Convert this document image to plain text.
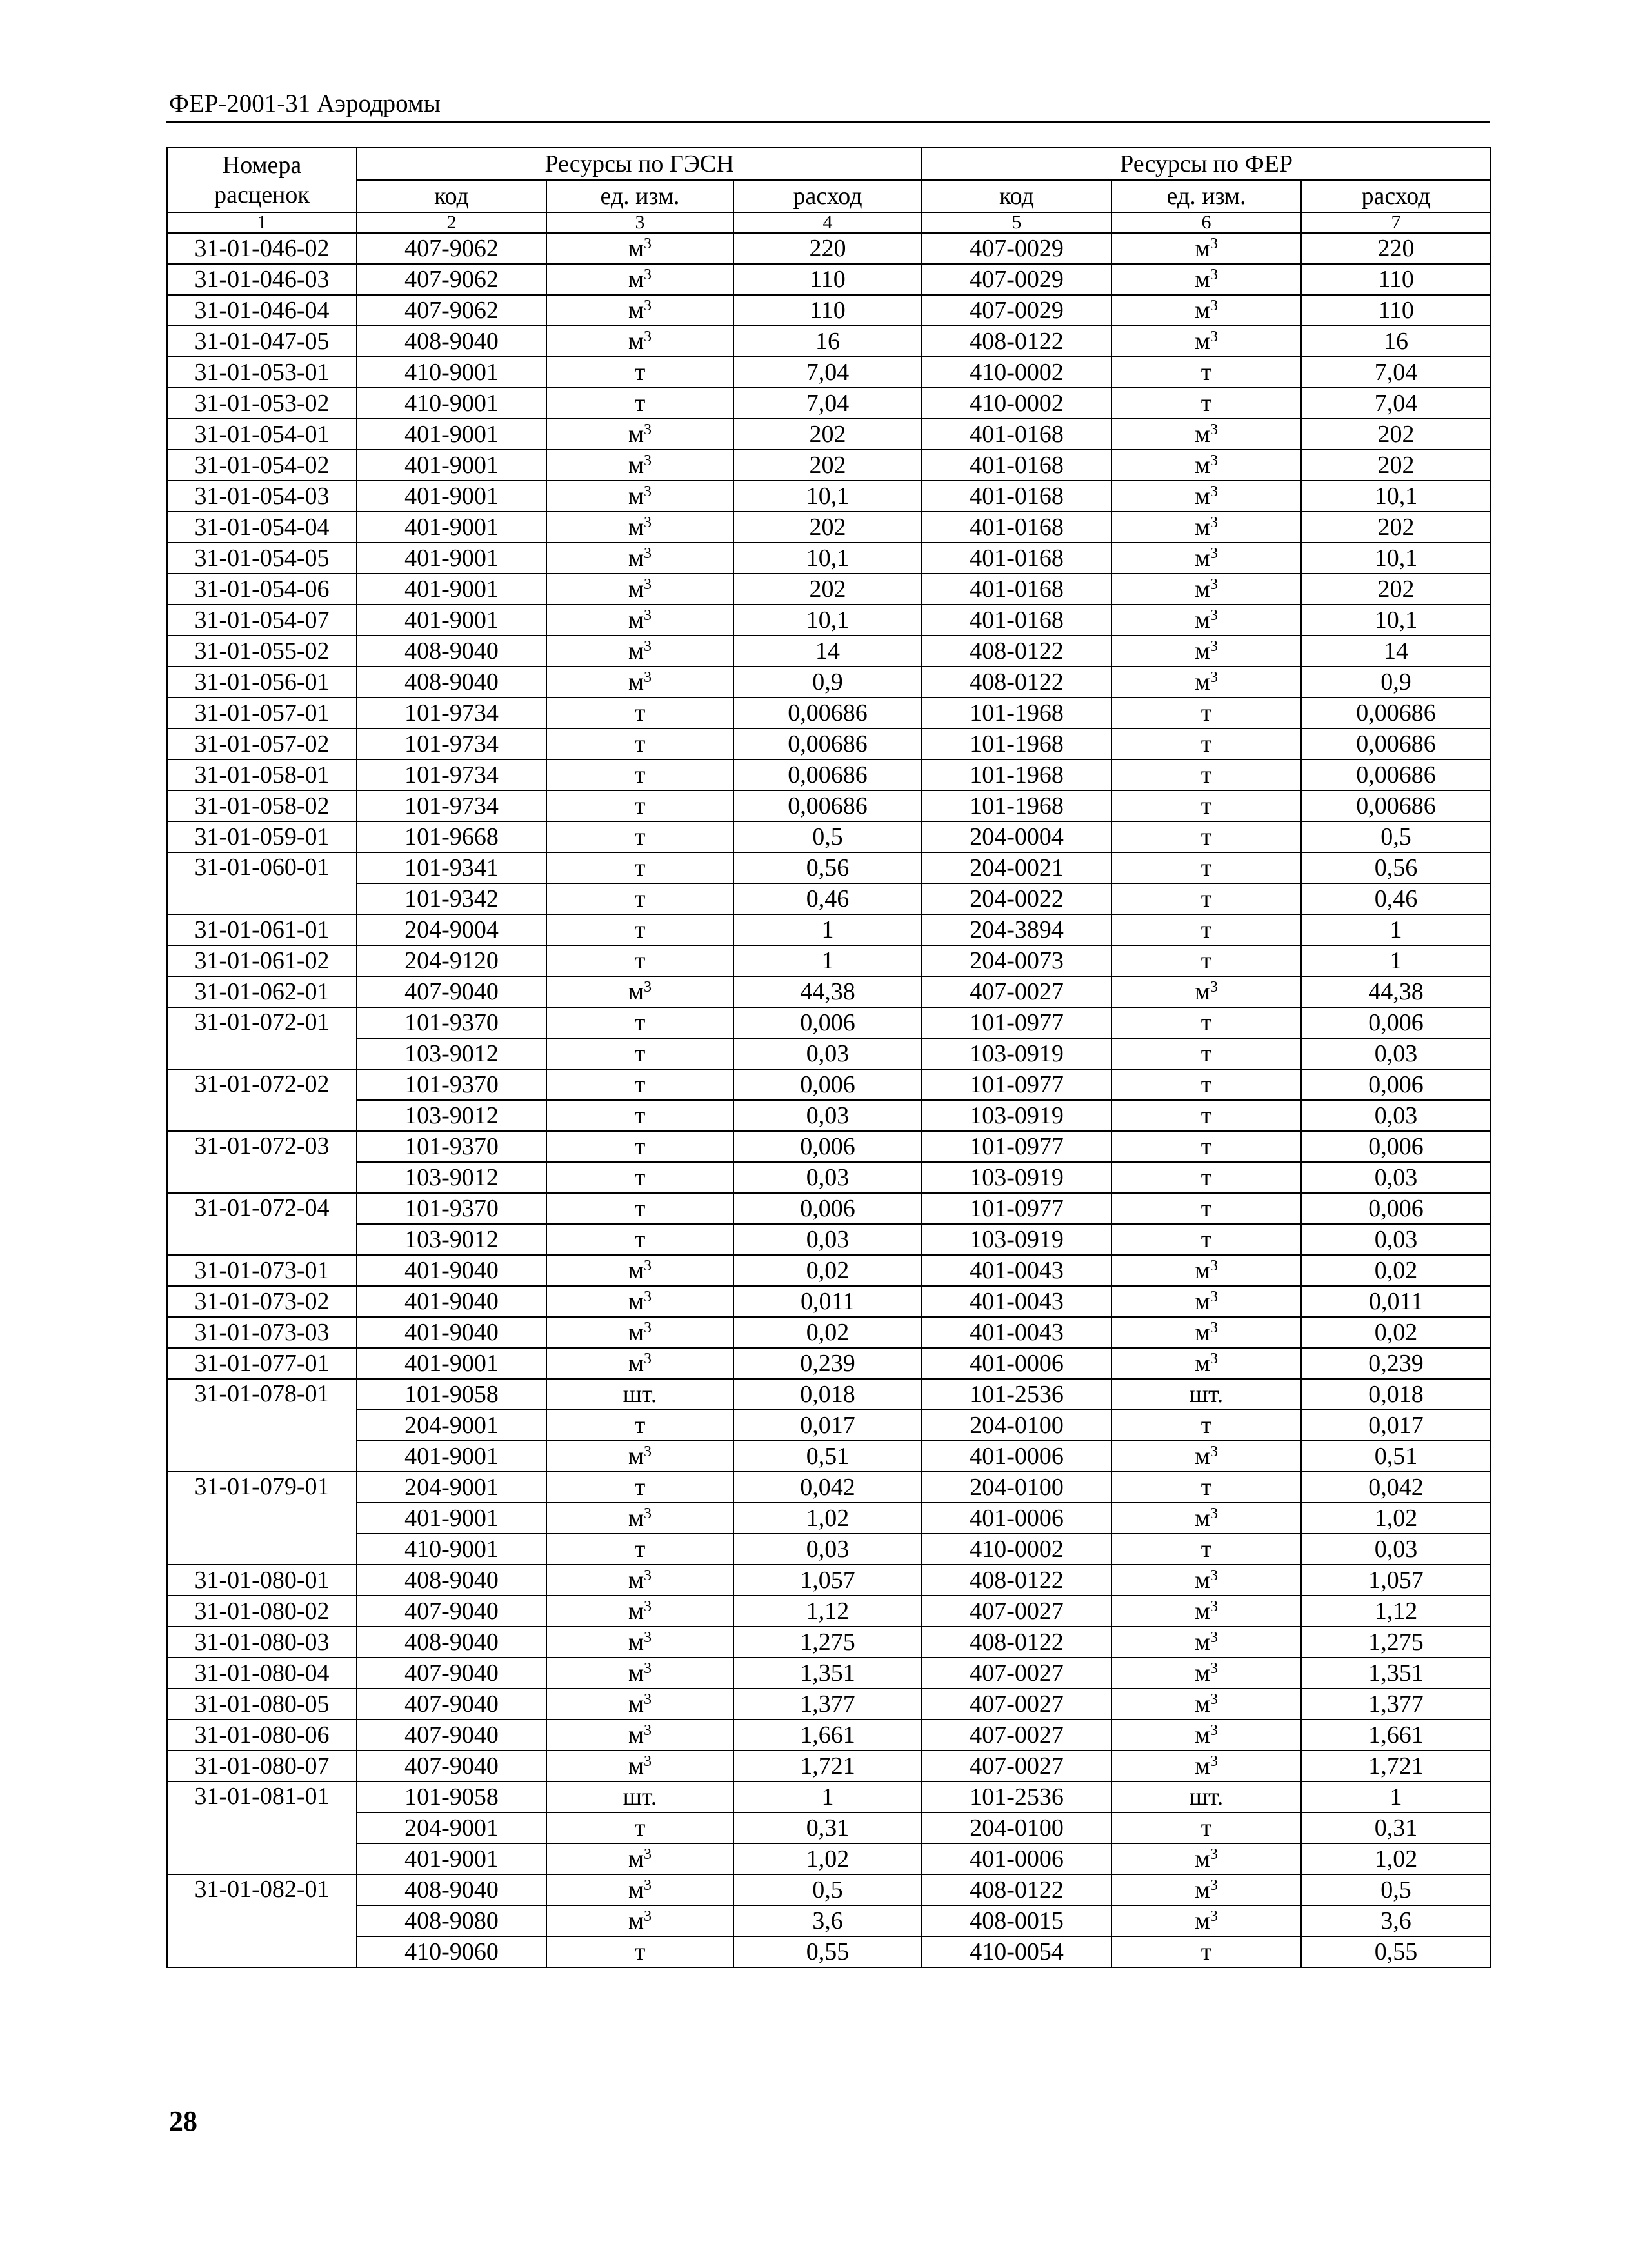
ФЕР-2001-31 Аэродромы
Номера
расценок	Ресурсы по ГЭСН			Ресурсы по ФЕР		
	код	ед. изм.	расход	код	ед. изм.	расход
1	2	3	4	5	6	7
31-01-046-02	407-9062	$м^3$	220	407-0029	$м^3$	220
31-01-046-03	407-9062	$м^3$	110	407-0029	$м^3$	110
31-01-046-04	407-9062	$м^3$	110	407-0029	$м^3$	110
31-01-047-05	408-9040	$м^3$	16	408-0122	$м^3$	16
31-01-053-01	410-9001	т	7,04	410-0002	т	7,04
31-01-053-02	410-9001	т	7,04	410-0002	т	7,04
31-01-054-01	401-9001	$м^3$	202	401-0168	$м^3$	202
31-01-054-02	401-9001	$м^3$	202	401-0168	$м^3$	202
31-01-054-03	401-9001	$м^3$	10,1	401-0168	$м^3$	10,1
31-01-054-04	401-9001	$м^3$	202	401-0168	$м^3$	202
31-01-054-05	401-9001	$м^3$	10,1	401-0168	$м^3$	10,1
31-01-054-06	401-9001	$м^3$	202	401-0168	$м^3$	202
31-01-054-07	401-9001	$м^3$	10,1	401-0168	$м^3$	10,1
31-01-055-02	408-9040	$м^3$	14	408-0122	$м^3$	14
31-01-056-01	408-9040	$м^3$	0,9	408-0122	$м^3$	0,9
31-01-057-01	101-9734	т	0,00686	101-1968	т	0,00686
31-01-057-02	101-9734	т	0,00686	101-1968	т	0,00686
31-01-058-01	101-9734	т	0,00686	101-1968	т	0,00686
31-01-058-02	101-9734	т	0,00686	101-1968	т	0,00686
31-01-059-01	101-9668	т	0,5	204-0004	т	0,5
31-01-060-01	101-9341	т	0,56	204-0021	т	0,56
	101-9342	т	0,46	204-0022	т	0,46
31-01-061-01	204-9004	т	1	204-3894	т	1
31-01-061-02	204-9120	т	1	204-0073	т	1
31-01-062-01	407-9040	$м^3$	44,38	407-0027	$м^3$	44,38
31-01-072-01	101-9370	т	0,006	101-0977	т	0,006
	103-9012	т	0,03	103-0919	т	0,03
31-01-072-02	101-9370	т	0,006	101-0977	т	0,006
	103-9012	т	0,03	103-0919	т	0,03
31-01-072-03	101-9370	т	0,006	101-0977	т	0,006
	103-9012	т	0,03	103-0919	т	0,03
31-01-072-04	101-9370	т	0,006	101-0977	т	0,006
	103-9012	т	0,03	103-0919	т	0,03
31-01-073-01	401-9040	$м^3$	0,02	401-0043	$м^3$	0,02
31-01-073-02	401-9040	$м^3$	0,011	401-0043	$м^3$	0,011
31-01-073-03	401-9040	$м^3$	0,02	401-0043	$м^3$	0,02
31-01-077-01	401-9001	$м^3$	0,239	401-0006	$м^3$	0,239
31-01-078-01	101-9058	шт.	0,018	101-2536	шт.	0,018
	204-9001	т	0,017	204-0100	т	0,017
	401-9001	$м^3$	0,51	401-0006	$м^3$	0,51
31-01-079-01	204-9001	т	0,042	204-0100	т	0,042
	401-9001	$м^3$	1,02	401-0006	$м^3$	1,02
	410-9001	т	0,03	410-0002	т	0,03
31-01-080-01	408-9040	$м^3$	1,057	408-0122	$м^3$	1,057
31-01-080-02	407-9040	$м^3$	1,12	407-0027	$м^3$	1,12
31-01-080-03	408-9040	$м^3$	1,275	408-0122	$м^3$	1,275
31-01-080-04	407-9040	$м^3$	1,351	407-0027	$м^3$	1,351
31-01-080-05	407-9040	$м^3$	1,377	407-0027	$м^3$	1,377
31-01-080-06	407-9040	$м^3$	1,661	407-0027	$м^3$	1,661
31-01-080-07	407-9040	$м^3$	1,721	407-0027	$м^3$	1,721
31-01-081-01	101-9058	шт.	1	101-2536	шт.	1
	204-9001	т	0,31	204-0100	т	0,31
	401-9001	$м^3$	1,02	401-0006	$м^3$	1,02
31-01-082-01	408-9040	$м^3$	0,5	408-0122	$м^3$	0,5
	408-9080	$м^3$	3,6	408-0015	$м^3$	3,6
	410-9060	т	0,55	410-0054	т	0,55
28
